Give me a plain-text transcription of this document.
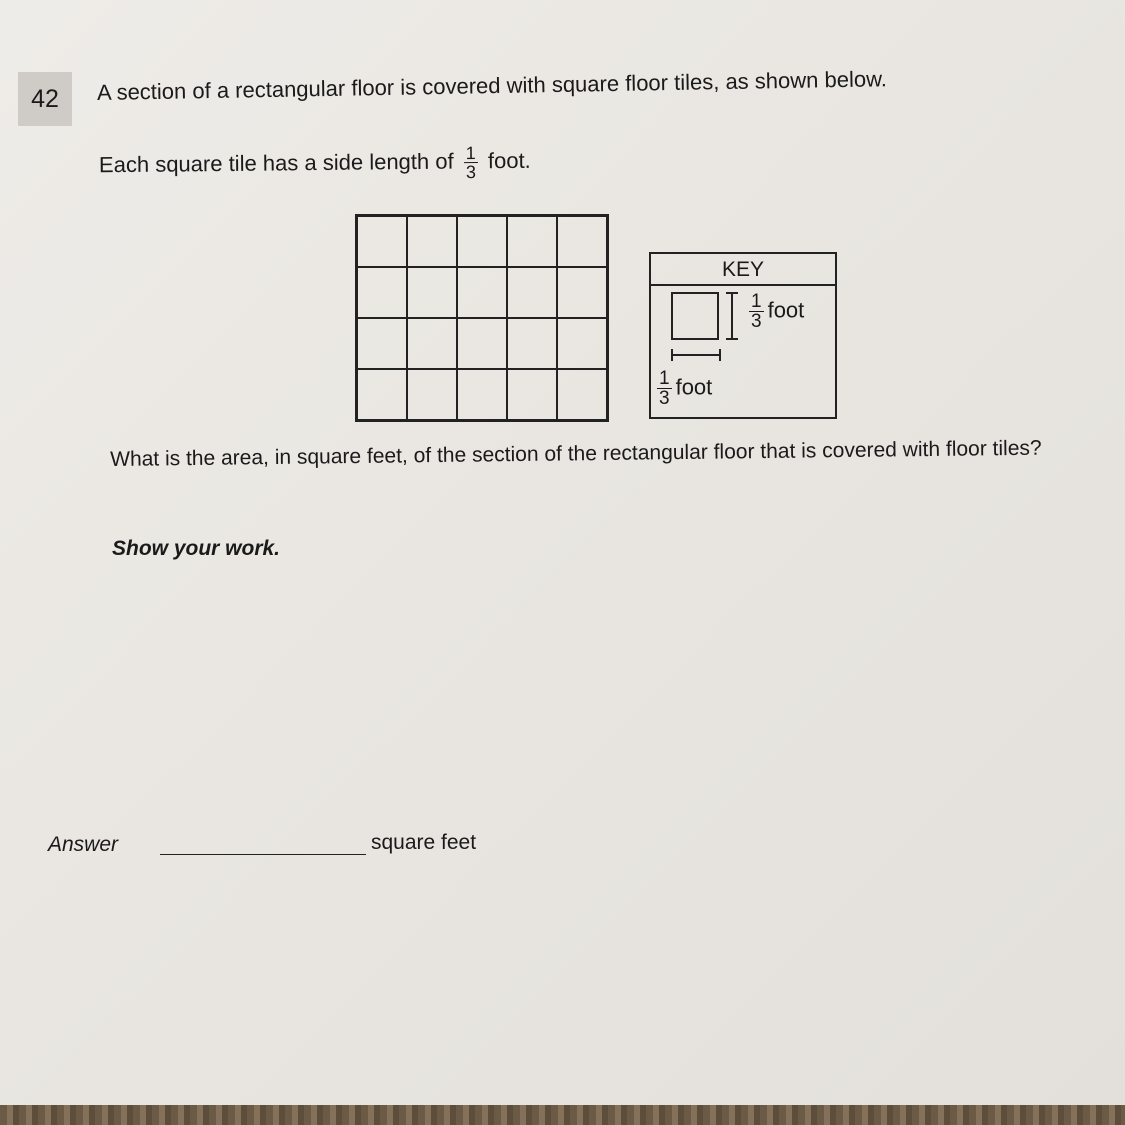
42	A section of a rectangular floor is covered with square floor tiles, as shown below.
Each square tile has a side length of $\frac{1}{3}$ foot.
KEY
$\frac{1}{3}$ foot
$\frac{1}{3}$ foot
What is the area, in square feet, of the section of the rectangular floor that is covered with floor tiles?
Show your work.
Answer	square feet
